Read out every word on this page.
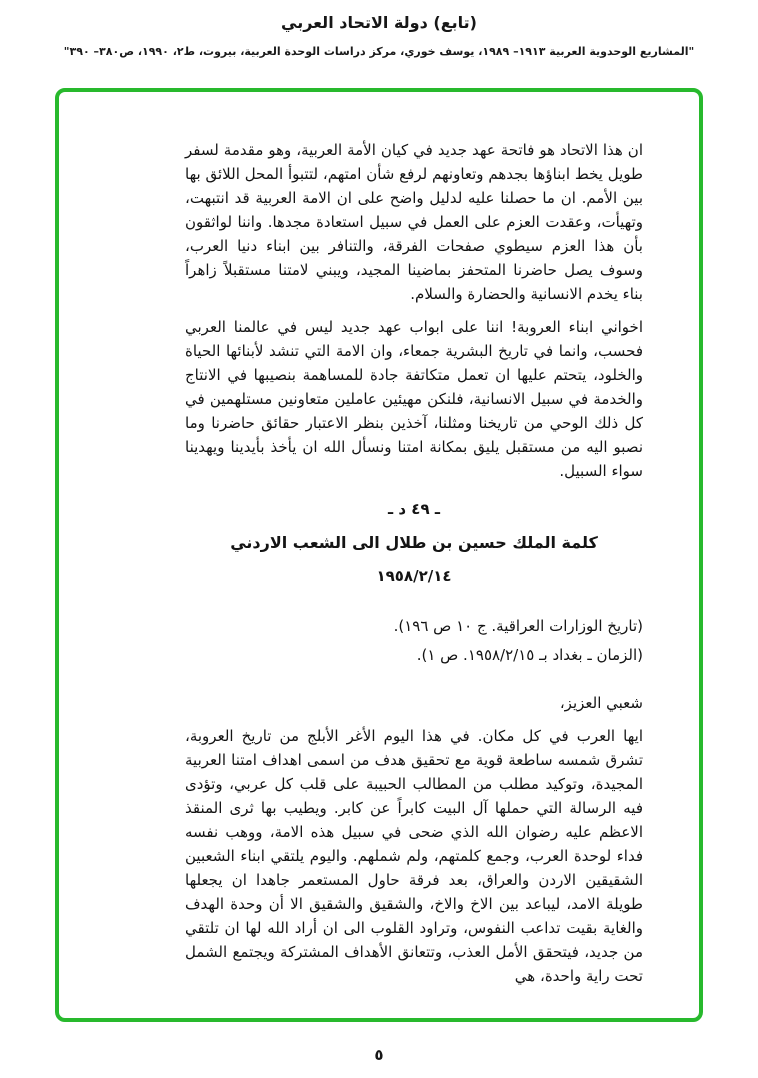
(تابع) دولة الاتحاد العربي
"المشاريع الوحدوية العربية ١٩١٣– ١٩٨٩، يوسف خوري، مركز دراسات الوحدة العربية، بيروت، ط٢، ١٩٩٠، ص٣٨٠– ٣٩٠"

ان هذا الاتحاد هو فاتحة عهد جديد في كيان الأمة العربية، وهو مقدمة لسفر طويل يخط ابناؤها بجدهم وتعاونهم لرفع شأن امتهم، لتتبوأ المحل اللائق بها بين الأمم. ان ما حصلنا عليه لدليل واضح على ان الامة العربية قد انتبهت، وتهيأت، وعقدت العزم على العمل في سبيل استعادة مجدها. واننا لواثقون بأن هذا العزم سيطوي صفحات الفرقة، والتنافر بين ابناء دنيا العرب، وسوف يصل حاضرنا المتحفز بماضينا المجيد، ويبني لامتنا مستقبلاً زاهراً بناء يخدم الانسانية والحضارة والسلام.

اخواني ابناء العروبة! اننا على ابواب عهد جديد ليس في عالمنا العربي فحسب، وانما في تاريخ البشرية جمعاء، وان الامة التي تنشد لأبنائها الحياة والخلود، يتحتم عليها ان تعمل متكاتفة جادة للمساهمة بنصيبها في الانتاج والخدمة في سبيل الانسانية، فلنكن مهيئين عاملين متعاونين مستلهمين في كل ذلك الوحي من تاريخنا ومثلنا، آخذين بنظر الاعتبار حقائق حاضرنا وما نصبو اليه من مستقبل يليق بمكانة امتنا ونسأل الله ان يأخذ بأيدينا ويهدينا سواء السبيل.

ـ ٤٩ د ـ
كلمة الملك حسين بن طلال الى الشعب الاردني
١٩٥٨/٢/١٤

(تاريخ الوزارات العراقية. ج ١٠ ص ١٩٦).

(الزمان ـ بغداد بـ ١٩٥٨/٢/١٥. ص ١).

شعبي العزيز،

ايها العرب في كل مكان. في هذا اليوم الأغر الأبلج من تاريخ العروبة، تشرق شمسه ساطعة قوية مع تحقيق هدف من اسمى اهداف امتنا العربية المجيدة، وتوكيد مطلب من المطالب الحبيبة على قلب كل عربي، وتؤدى فيه الرسالة التي حملها آل البيت كابراً عن كابر. ويطيب بها ثرى المنقذ الاعظم عليه رضوان الله الذي ضحى في سبيل هذه الامة، ووهب نفسه فداء لوحدة العرب، وجمع كلمتهم، ولم شملهم. واليوم يلتقي ابناء الشعبين الشقيقين الاردن والعراق، بعد فرقة حاول المستعمر جاهدا ان يجعلها طويلة الامد، ليباعد بين الاخ والاخ، والشقيق والشقيق الا أن وحدة الهدف والغاية بقيت تداعب النفوس، وتراود القلوب الى ان أراد الله لها ان تلتقي من جديد، فيتحقق الأمل العذب، وتتعانق الأهداف المشتركة ويجتمع الشمل تحت راية واحدة، هي

٥
